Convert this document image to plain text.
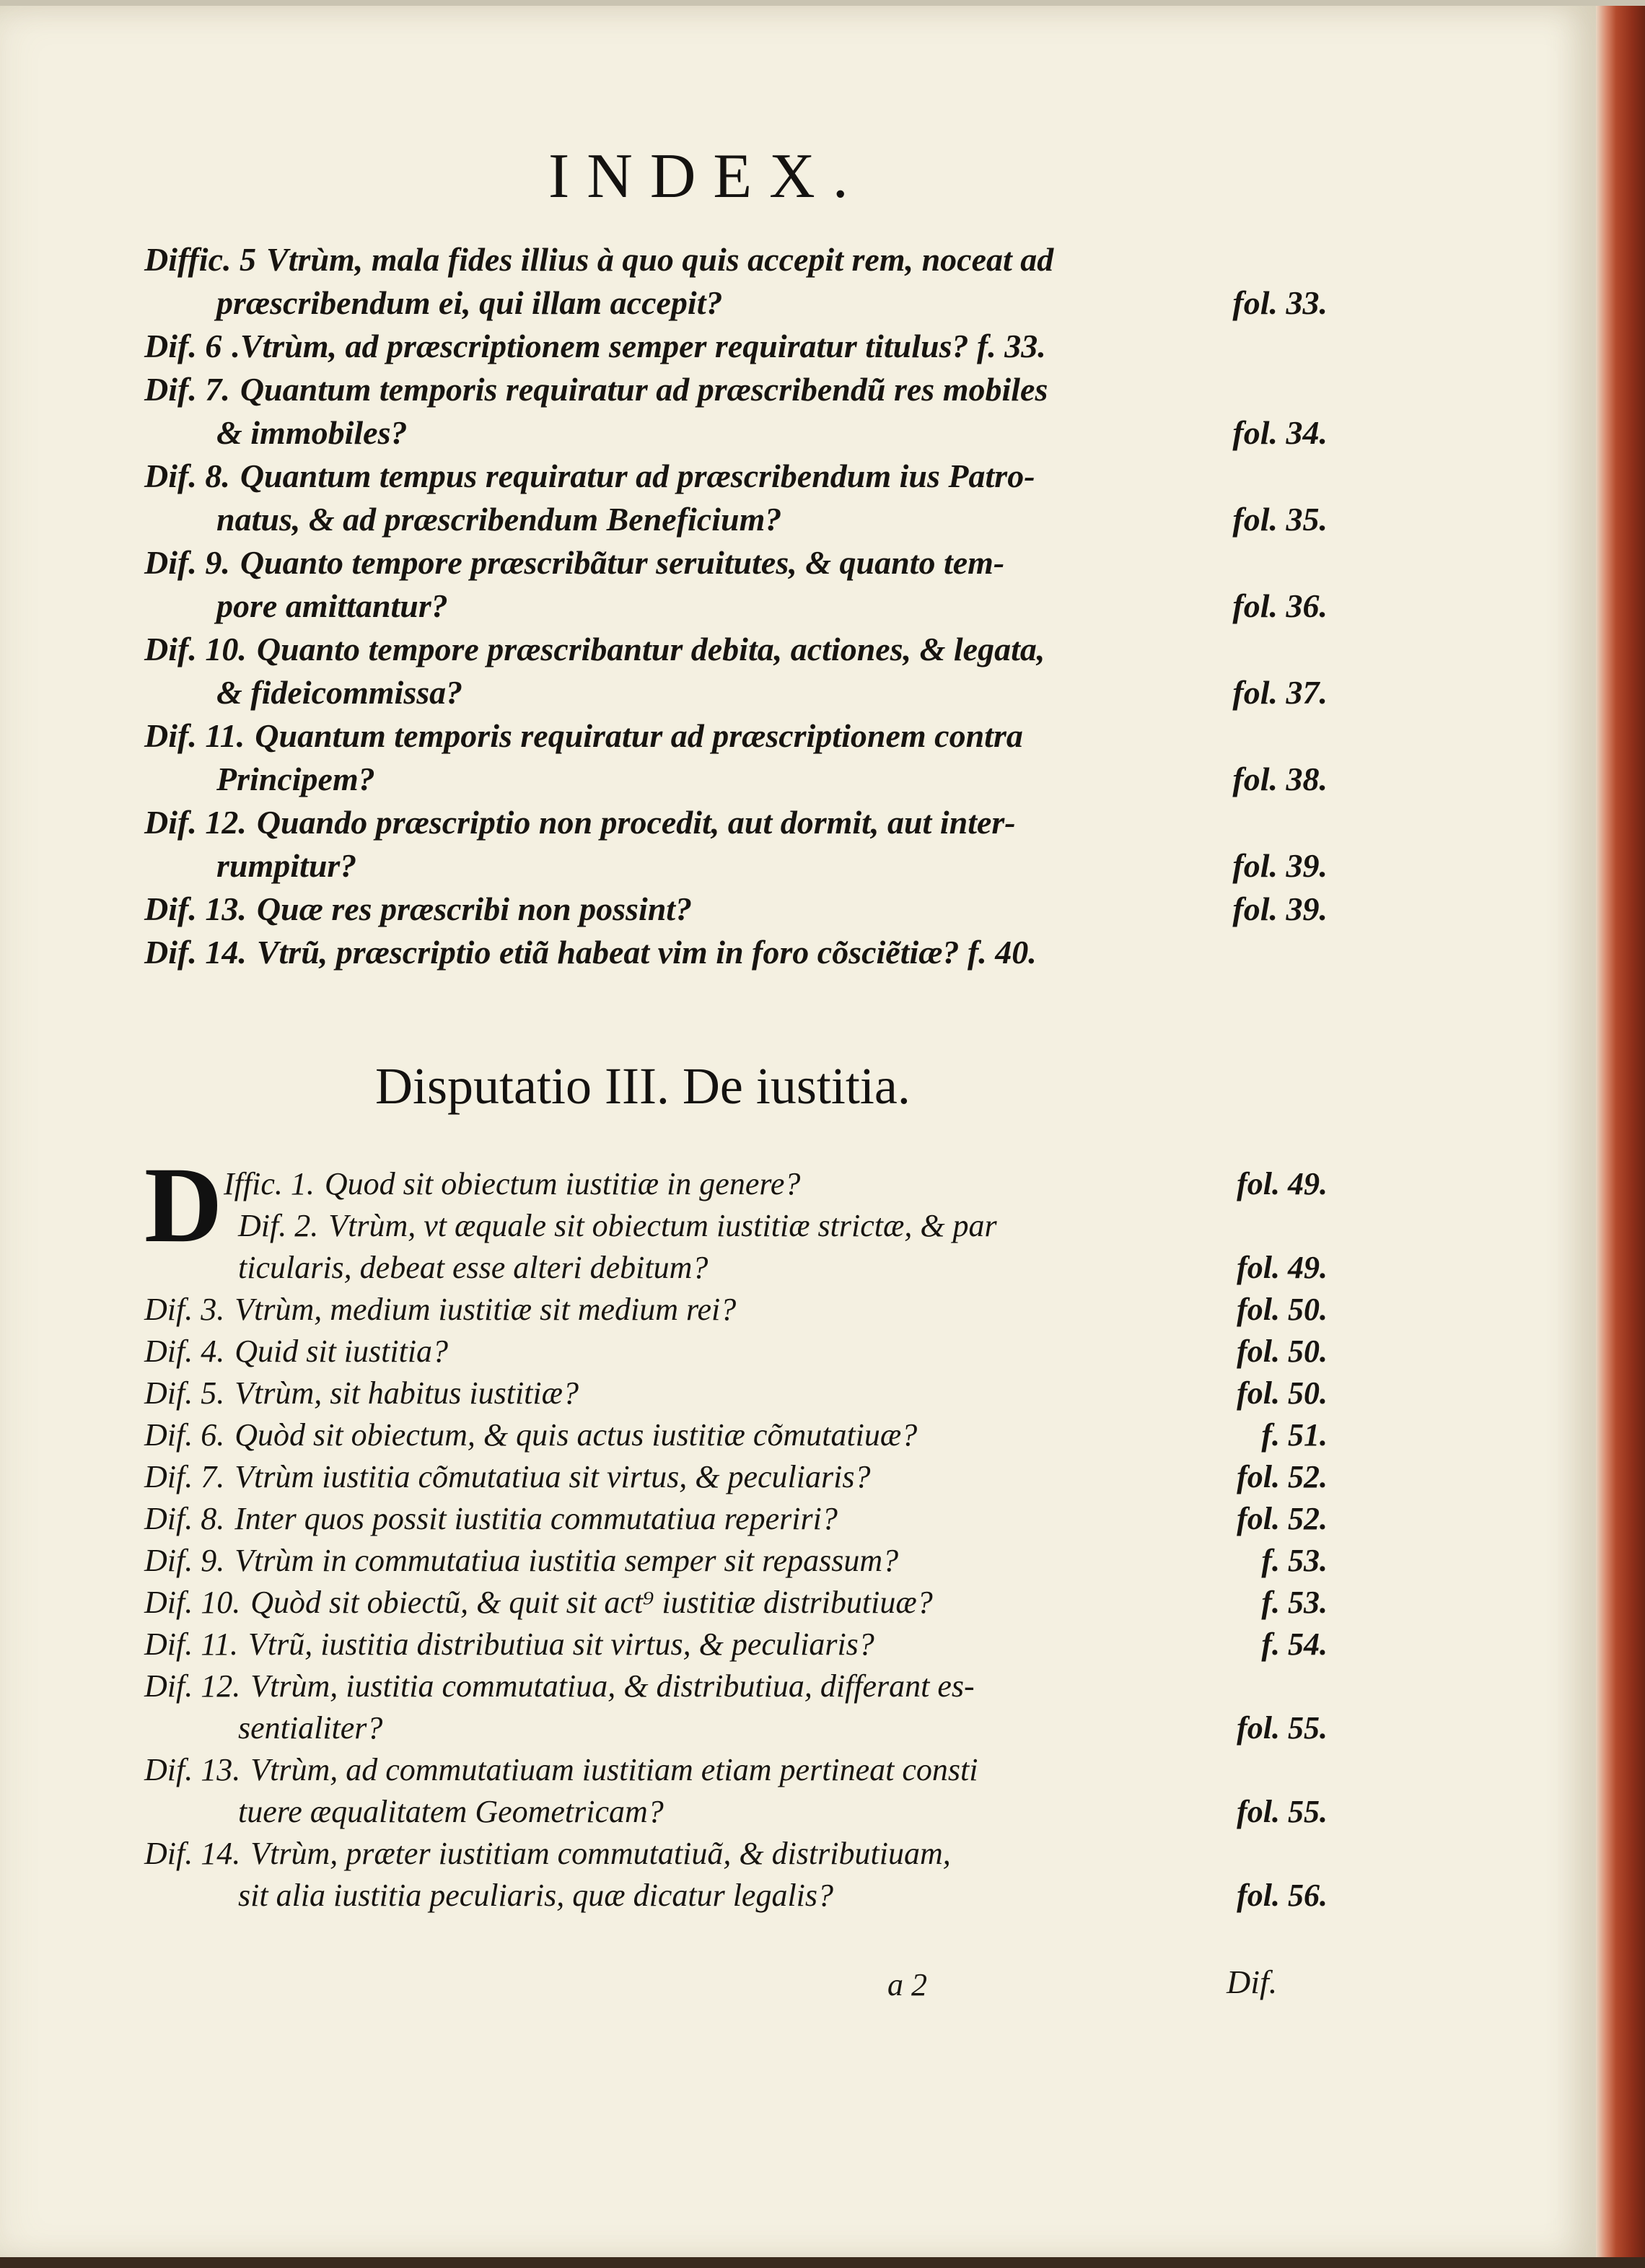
INDEX.
Diffic. 5 Vtrùm, mala fides illius à quo quis accepit rem, noceat ad
præscribendum ei, qui illam accepit?	fol. 33.
Dif. 6 .Vtrùm, ad præscriptionem semper requiratur titulus? f. 33.
Dif. 7. Quantum temporis requiratur ad præscribendũ res mobiles
& immobiles?	fol. 34.
Dif. 8. Quantum tempus requiratur ad præscribendum ius Patro-
natus, & ad præscribendum Beneficium?	fol. 35.
Dif. 9. Quanto tempore præscribãtur seruitutes, & quanto tem-
pore amittantur?	fol. 36.
Dif. 10. Quanto tempore præscribantur debita, actiones, & legata,
& fideicommissa?	fol. 37.
Dif. 11. Quantum temporis requiratur ad præscriptionem contra
Principem?	fol. 38.
Dif. 12. Quando præscriptio non procedit, aut dormit, aut inter-
rumpitur?	fol. 39.
Dif. 13. Quæ res præscribi non possint?	fol. 39.
Dif. 14. Vtrũ, præscriptio etiã habeat vim in foro cõsciẽtiæ? f. 40.
Disputatio III. De iustitia.
D Iffic. 1. Quod sit obiectum iustitiæ in genere?	fol. 49.
Dif. 2. Vtrùm, vt æquale sit obiectum iustitiæ strictæ, & par
ticularis, debeat esse alteri debitum?	fol. 49.
Dif. 3. Vtrùm, medium iustitiæ sit medium rei?	fol. 50.
Dif. 4. Quid sit iustitia?	fol. 50.
Dif. 5. Vtrùm, sit habitus iustitiæ?	fol. 50.
Dif. 6. Quòd sit obiectum, & quis actus iustitiæ cõmutatiuæ?	f. 51.
Dif. 7. Vtrùm iustitia cõmutatiua sit virtus, & peculiaris?	fol. 52.
Dif. 8. Inter quos possit iustitia commutatiua reperiri?	fol. 52.
Dif. 9. Vtrùm in commutatiua iustitia semper sit repassum?	f. 53.
Dif. 10. Quòd sit obiectũ, & quit sit act⁹ iustitiæ distributiuæ?	f. 53.
Dif. 11. Vtrũ, iustitia distributiua sit virtus, & peculiaris?	f. 54.
Dif. 12. Vtrùm, iustitia commutatiua, & distributiua, differant es-
sentialiter?	fol. 55.
Dif. 13. Vtrùm, ad commutatiuam iustitiam etiam pertineat consti
tuere æqualitatem Geometricam?	fol. 55.
Dif. 14. Vtrùm, præter iustitiam commutatiuã, & distributiuam,
sit alia iustitia peculiaris, quæ dicatur legalis?	fol. 56.
a 2	Dif.
